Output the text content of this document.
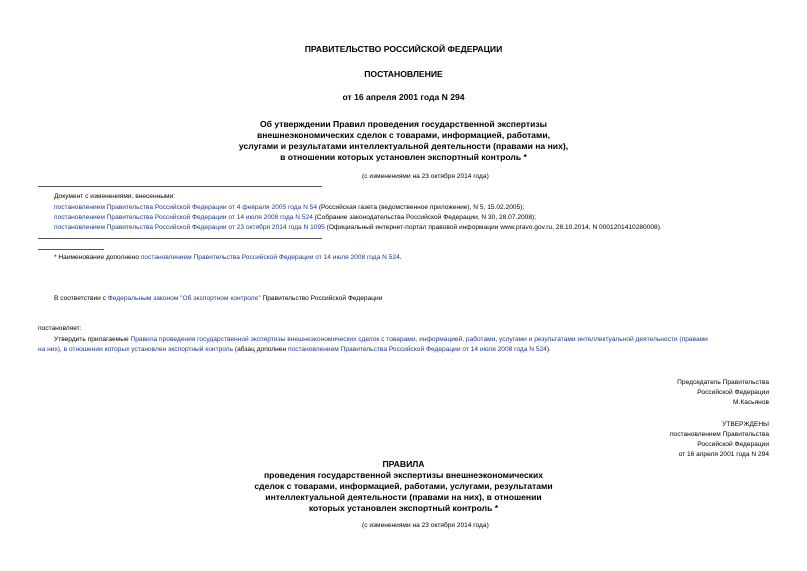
ПРАВИТЕЛЬСТВО РОССИЙСКОЙ ФЕДЕРАЦИИ
ПОСТАНОВЛЕНИЕ
от 16 апреля 2001 года N 294
Об утверждении Правил проведения государственной экспертизы
внешнеэкономических сделок с товарами, информацией, работами,
услугами и результатами интеллектуальной деятельности (правами на них),
в отношении которых установлен экспортный контроль *
(с изменениями на 23 октября 2014 года)
Документ с изменениями, внесенными:
постановлением Правительства Российской Федерации от 4 февраля 2005 года N 54 (Российская газета (ведомственное приложение), N 5, 15.02.2005);
постановлением Правительства Российской Федерации от 14 июля 2008 года N 524 (Собрание законодательства Российской Федерации, N 30, 28.07.2008);
постановлением Правительства Российской Федерации от 23 октября 2014 года N 1095 (Официальный интернет-портал правовой информации www.pravo.gov.ru, 28.10.2014, N 0001201410280008).
* Наименование дополнено постановлением Правительства Российской Федерации от 14 июля 2008 года N 524.
В соответствии с Федеральным законом "Об экспортном контроле" Правительство Российской Федерации
постановляет:
Утвердить прилагаемые Правила проведения государственной экспертизы внешнеэкономических сделок с товарами, информацией, работами, услугами и результатами интеллектуальной деятельности (правами
на них), в отношении которых установлен экспортный контроль (абзац дополнен постановлением Правительства Российской Федерации от 14 июля 2008 года N 524).
Председатель Правительства
Российской Федерации
М.Касьянов
УТВЕРЖДЕНЫ
постановлением Правительства
Российской Федерации
от 16 апреля 2001 года N 294
ПРАВИЛА
проведения государственной экспертизы внешнеэкономических
сделок с товарами, информацией, работами, услугами, результатами
интеллектуальной деятельности (правами на них), в отношении
которых установлен экспортный контроль *
(с изменениями на 23 октября 2014 года)
